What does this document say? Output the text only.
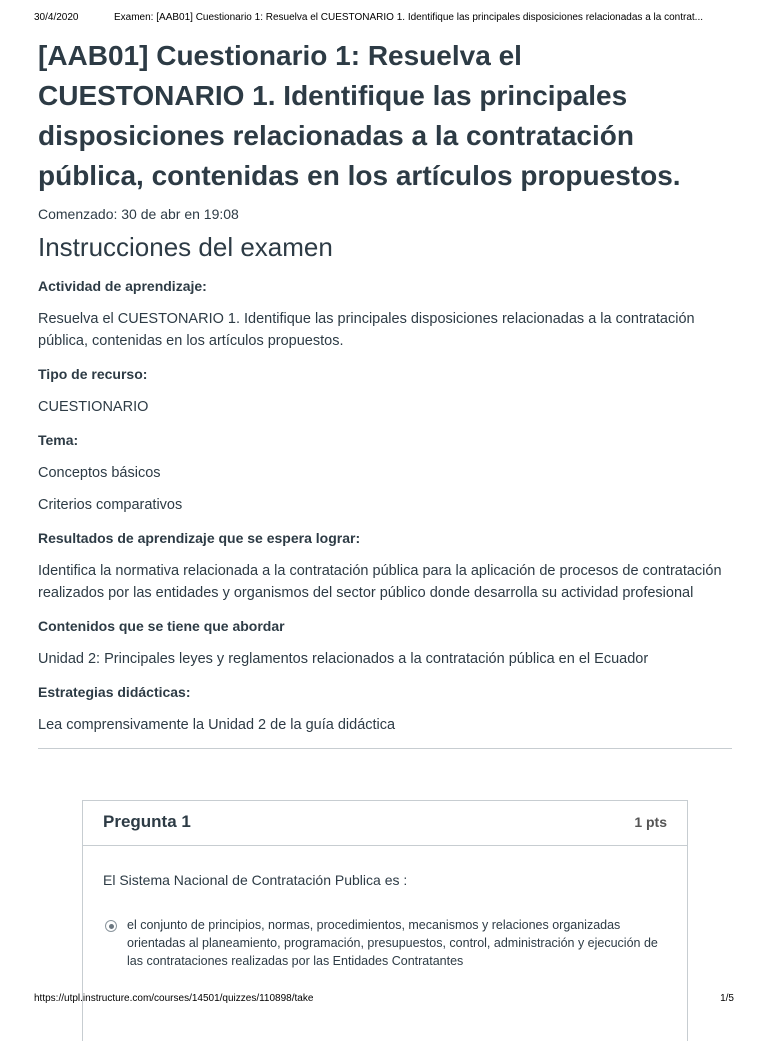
30/4/2020	Examen: [AAB01] Cuestionario 1: Resuelva el CUESTONARIO 1. Identifique las principales disposiciones relacionadas a la contrat...
[AAB01] Cuestionario 1: Resuelva el CUESTONARIO 1. Identifique las principales disposiciones relacionadas a la contratación pública, contenidas en los artículos propuestos.
Comenzado: 30 de abr en 19:08
Instrucciones del examen
Actividad de aprendizaje:
Resuelva el CUESTONARIO 1. Identifique las principales disposiciones relacionadas a la contratación pública, contenidas en los artículos propuestos.
Tipo de recurso:
CUESTIONARIO
Tema:
Conceptos básicos
Criterios comparativos
Resultados de aprendizaje que se espera lograr:
Identifica la normativa relacionada a la contratación pública para la aplicación de procesos de contratación realizados por las entidades y organismos del sector público donde desarrolla su actividad profesional
Contenidos que se tiene que abordar
Unidad 2: Principales leyes y reglamentos relacionados a la contratación pública en el Ecuador
Estrategias didácticas:
Lea comprensivamente la Unidad 2 de la guía didáctica
Pregunta 1	1 pts
El Sistema Nacional de Contratación Publica es :
el conjunto de principios, normas, procedimientos, mecanismos y relaciones organizadas orientadas al planeamiento, programación, presupuestos, control, administración y ejecución de las contrataciones realizadas por las Entidades Contratantes
https://utpl.instructure.com/courses/14501/quizzes/110898/take	1/5
